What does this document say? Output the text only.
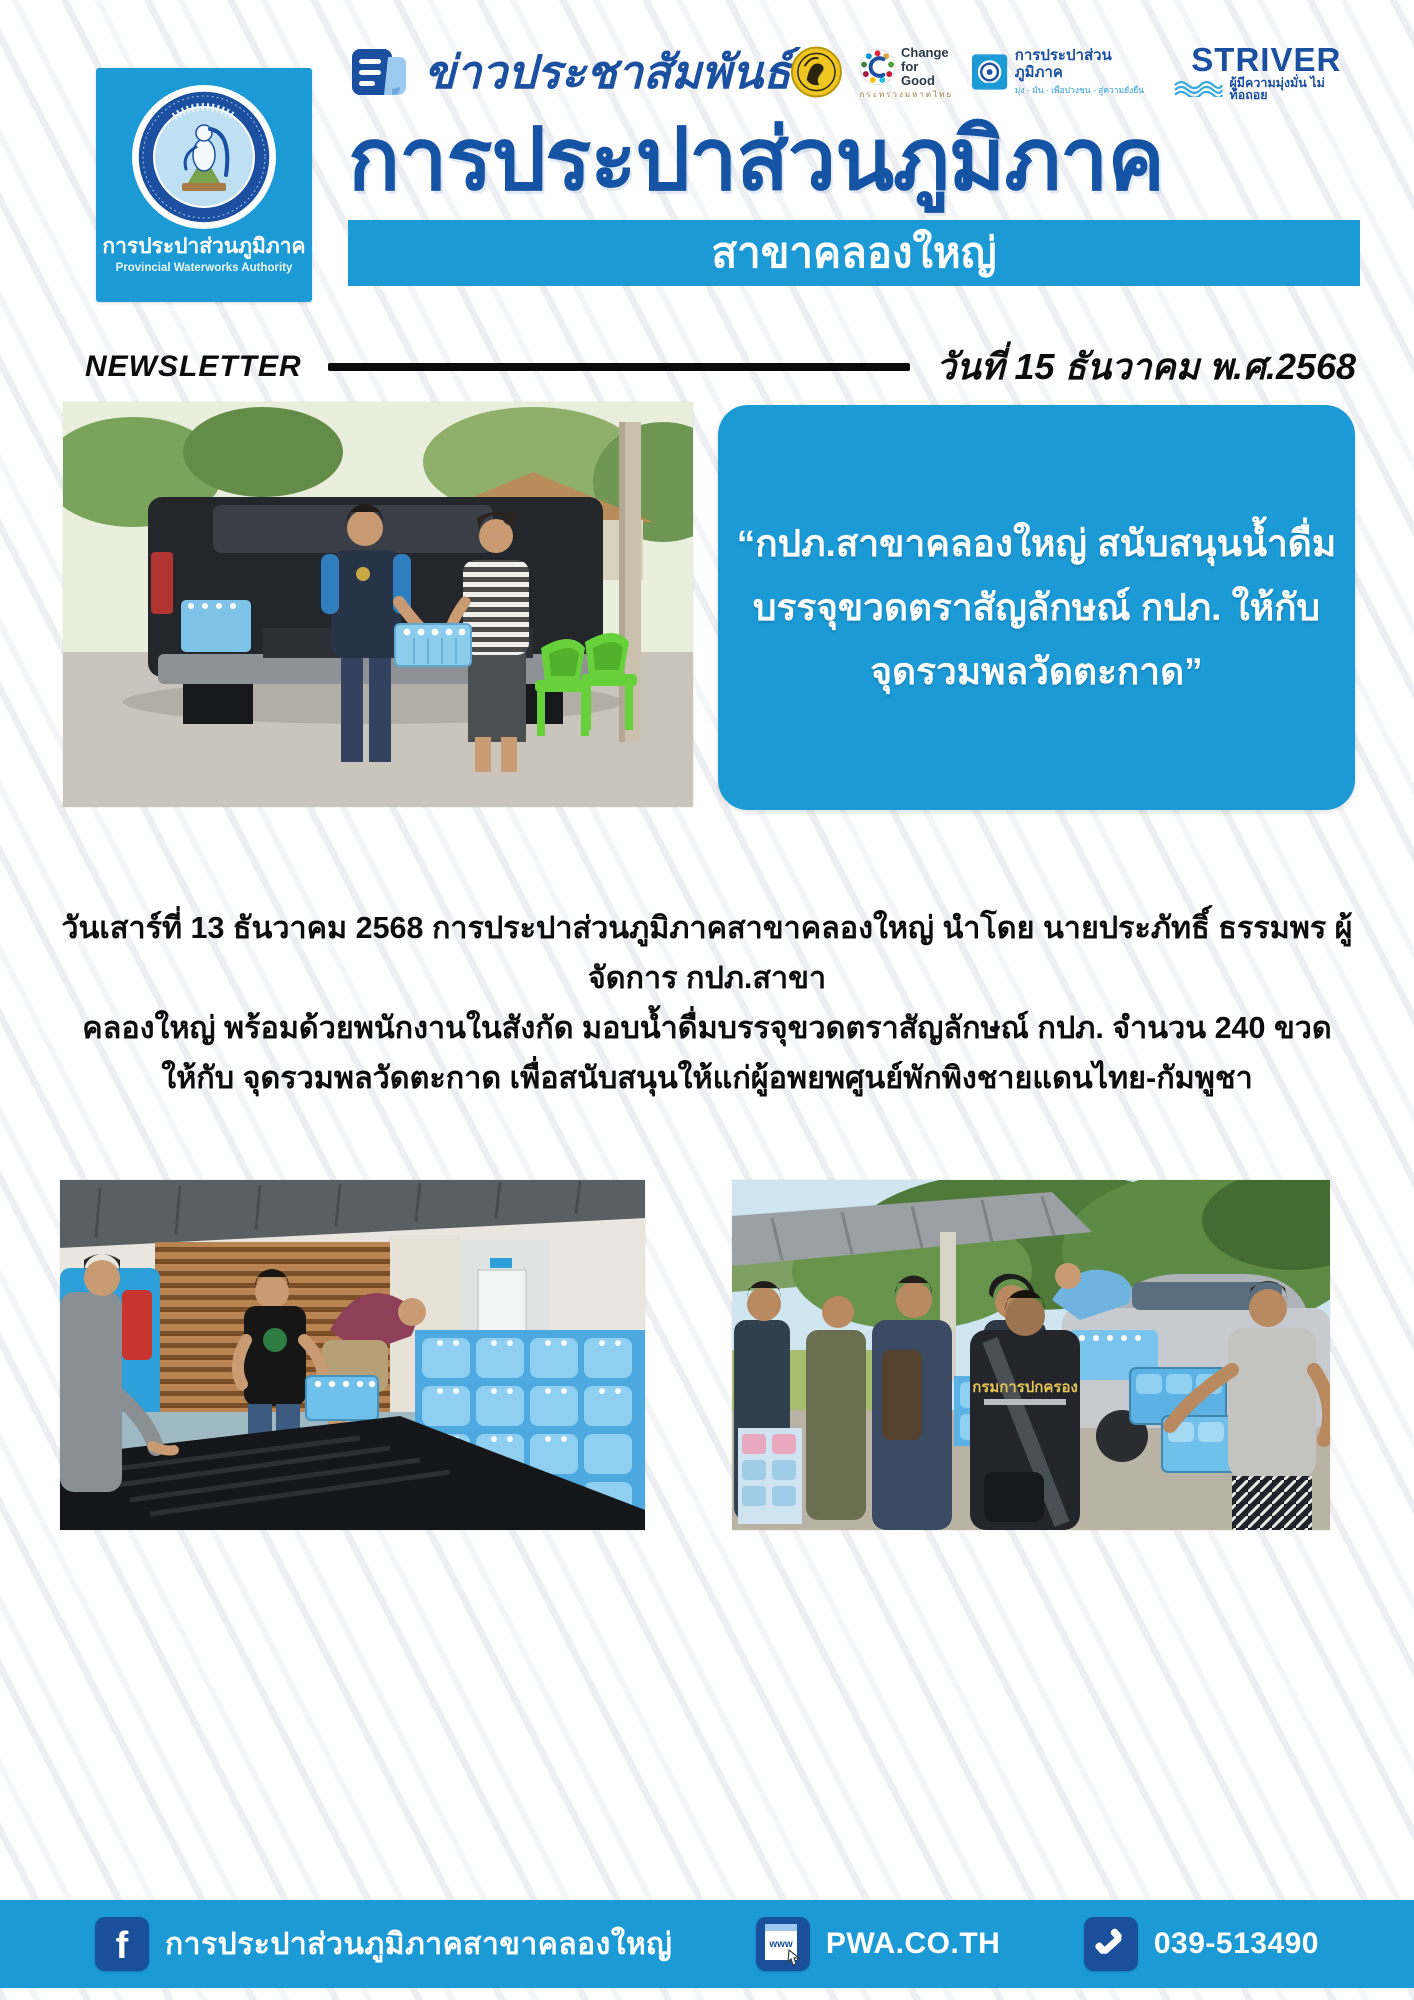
การประปาส่วนภูมิภาค
Provincial Waterworks Authority
ข่าวประชาสัมพันธ์	Change
for Good
กระทรวงมหาดไทย
การประปาส่วนภูมิภาค
มุ่ง - มั่น - เพื่อปวงชน - สู่ความยั่งยืน
STRIVER
ผู้มีความมุ่งมั่น ไม่ท้อถอย
การประปาส่วนภูมิภาค
สาขาคลองใหญ่
NEWSLETTER	วันที่ 15 ธันวาคม พ.ศ.2568
“กปภ.สาขาคลองใหญ่ สนับสนุนน้ำดื่ม
บรรจุขวดตราสัญลักษณ์ กปภ. ให้กับ
จุดรวมพลวัดตะกาด”
วันเสาร์ที่ 13 ธันวาคม 2568 การประปาส่วนภูมิภาคสาขาคลองใหญ่ นำโดย นายประภัทธิ์ ธรรมพร ผู้จัดการ กปภ.สาขา
คลองใหญ่ พร้อมด้วยพนักงานในสังกัด มอบน้ำดื่มบรรจุขวดตราสัญลักษณ์ กปภ. จำนวน 240 ขวด
ให้กับ จุดรวมพลวัดตะกาด เพื่อสนับสนุนให้แก่ผู้อพยพศูนย์พักพิงชายแดนไทย-กัมพูชา
กรมการปกครอง
f การประปาส่วนภูมิภาคสาขาคลองใหญ่	www PWA.CO.TH	039-513490
